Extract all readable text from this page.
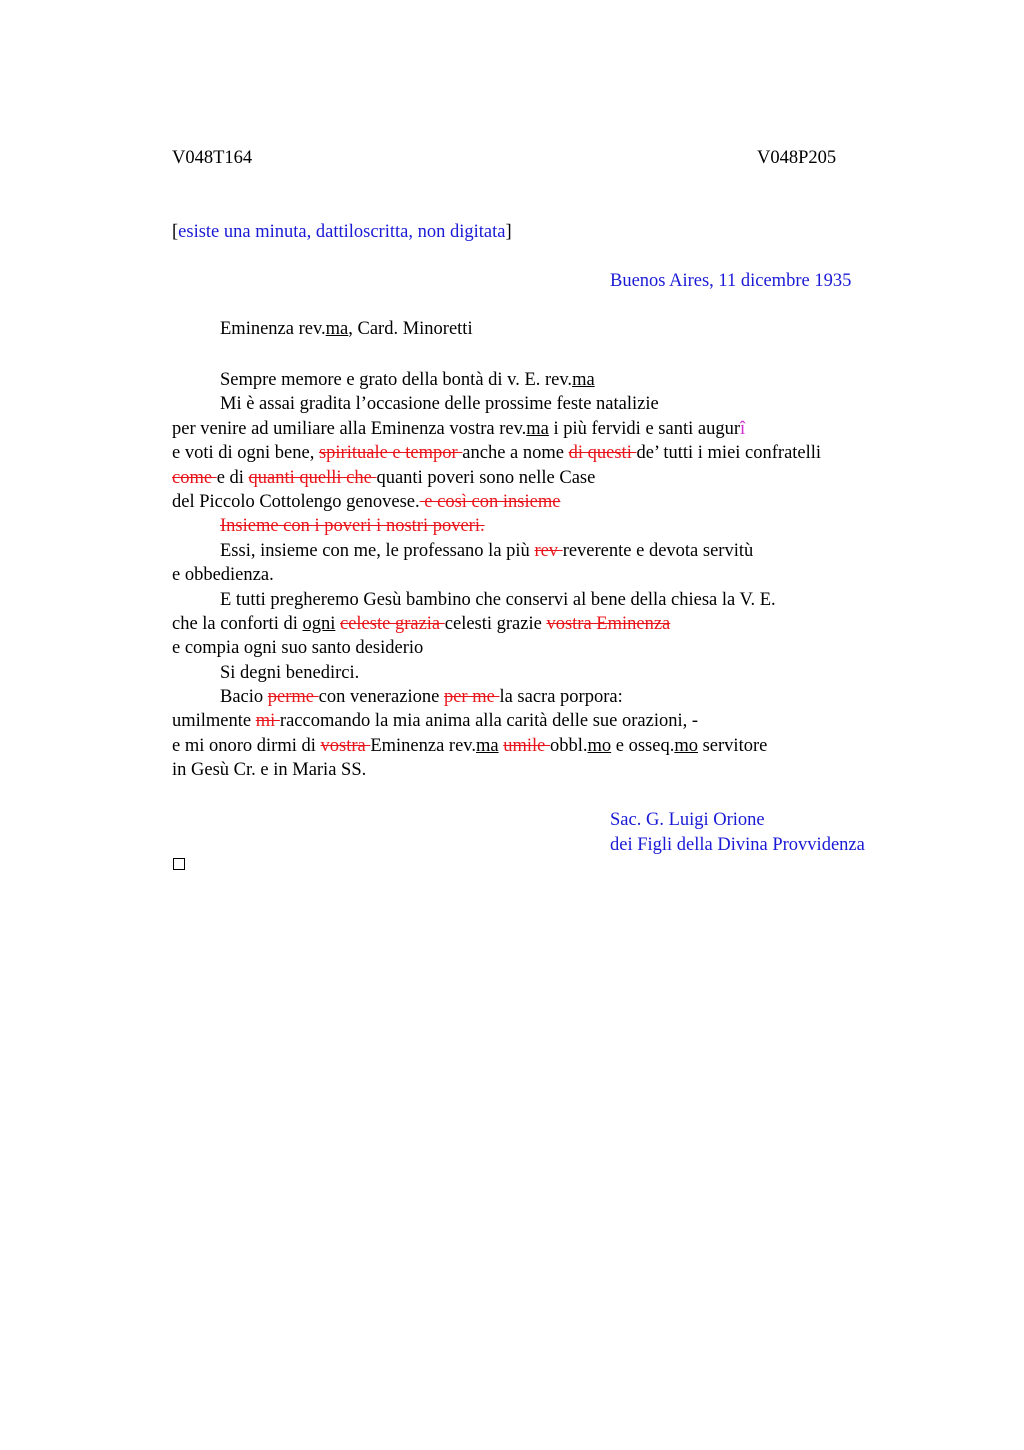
V048T164	V048P205
[esiste una minuta, dattiloscritta, non digitata]
Buenos Aires, 11 dicembre 1935
Eminenza rev.ma, Card. Minoretti
Sempre memore e grato della bontà di v. E. rev.ma
Mi è assai gradita l’occasione delle prossime feste natalizie
per venire ad umiliare alla Eminenza vostra rev.ma i più fervidi e santi augurî
e voti di ogni bene, spirituale e tempor anche a nome di questi de’ tutti i miei confratelli
come e di quanti quelli che quanti poveri sono nelle Case
del Piccolo Cottolengo genovese. e così con insieme
Insieme con i poveri i nostri poveri.
Essi, insieme con me, le professano la più rev reverente e devota servitù
e obbedienza.
E tutti pregheremo Gesù bambino che conservi al bene della chiesa la V. E.
che la conforti di ogni celeste grazia celesti grazie vostra Eminenza
e compia ogni suo santo desiderio
Si degni benedirci.
Bacio perme con venerazione per me la sacra porpora:
umilmente mi raccomando la mia anima alla carità delle sue orazioni, -
e mi onoro dirmi di vostra Eminenza rev.ma umile obbl.mo e osseq.mo servitore
in Gesù Cr. e in Maria SS.
Sac. G. Luigi Orione
dei Figli della Divina Provvidenza
